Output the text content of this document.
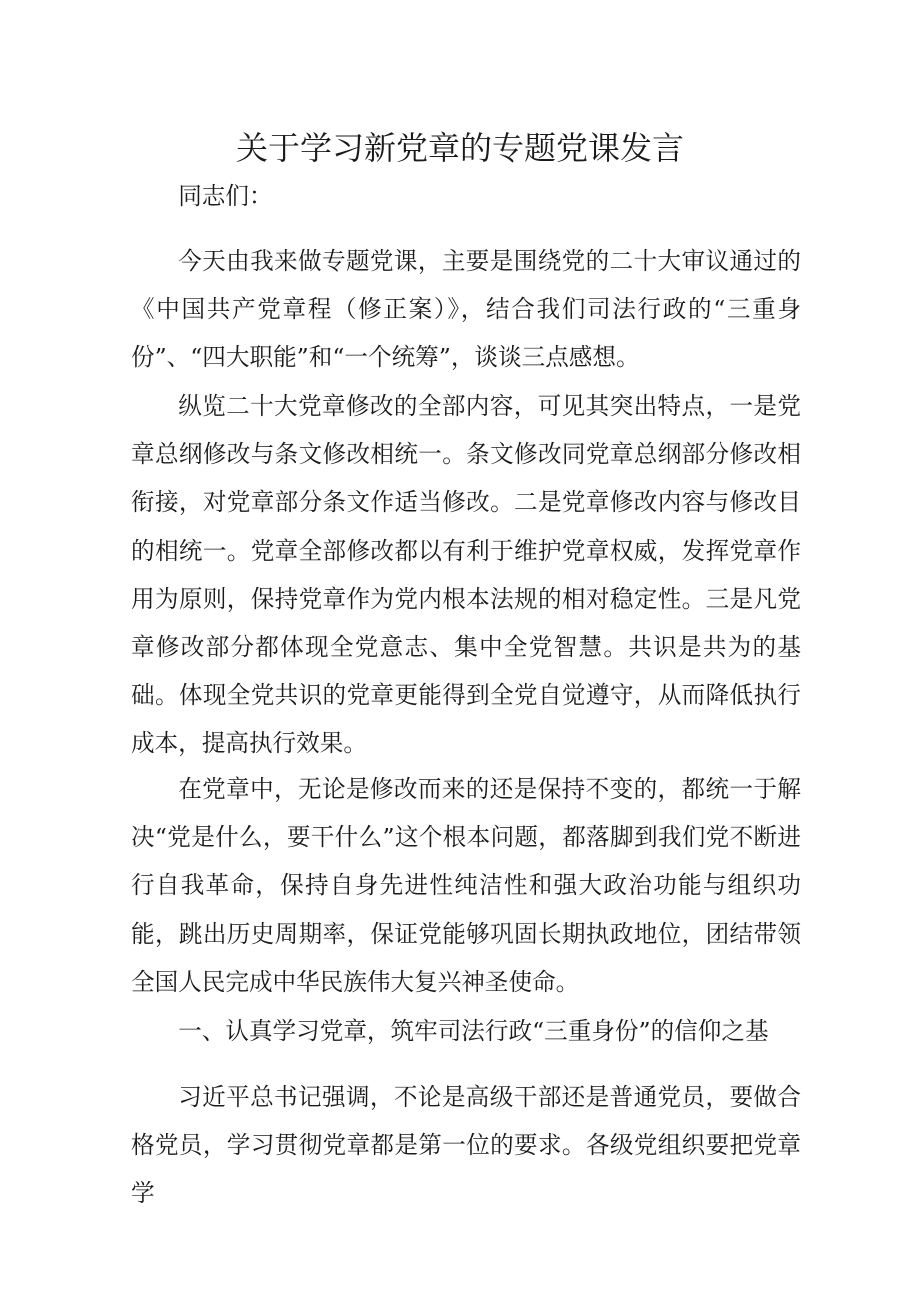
关于学习新党章的专题党课发言

同志们：

今天由我来做专题党课，主要是围绕党的二十大审议通过的《中国共产党章程（修正案）》，结合我们司法行政的“三重身份”、“四大职能”和“一个统筹”，谈谈三点感想。

纵览二十大党章修改的全部内容，可见其突出特点，一是党章总纲修改与条文修改相统一。条文修改同党章总纲部分修改相衔接，对党章部分条文作适当修改。二是党章修改内容与修改目的相统一。党章全部修改都以有利于维护党章权威，发挥党章作用为原则，保持党章作为党内根本法规的相对稳定性。三是凡党章修改部分都体现全党意志、集中全党智慧。共识是共为的基础。体现全党共识的党章更能得到全党自觉遵守，从而降低执行成本，提高执行效果。

在党章中，无论是修改而来的还是保持不变的，都统一于解决“党是什么，要干什么”这个根本问题，都落脚到我们党不断进行自我革命，保持自身先进性纯洁性和强大政治功能与组织功能，跳出历史周期率，保证党能够巩固长期执政地位，团结带领全国人民完成中华民族伟大复兴神圣使命。

一、认真学习党章，筑牢司法行政“三重身份”的信仰之基

习近平总书记强调，不论是高级干部还是普通党员，要做合格党员，学习贯彻党章都是第一位的要求。各级党组织要把党章学
